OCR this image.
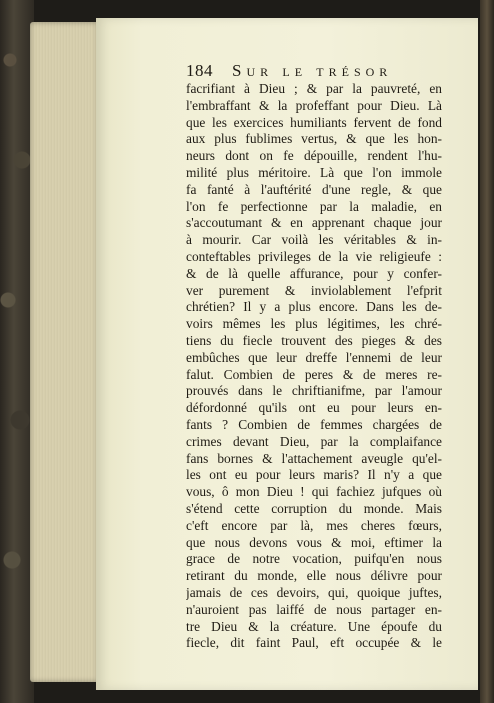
184 Sur le trésor
facrifiant à Dieu ; & par la pauvreté, en
l'embraffant & la profeffant pour Dieu. Là
que les exercices humiliants fervent de fond
aux plus fublimes vertus, & que les hon-
neurs dont on fe dépouille, rendent l'hu-
milité plus méritoire. Là que l'on immole
fa fanté à l'auftérité d'une regle, & que
l'on fe perfectionne par la maladie, en
s'accoutumant & en apprenant chaque jour
à mourir. Car voilà les véritables & in-
conteftables privileges de la vie religieufe :
& de là quelle affurance, pour y confer-
ver purement & inviolablement l'efprit
chrétien? Il y a plus encore. Dans les de-
voirs mêmes les plus légitimes, les chré-
tiens du fiecle trouvent des pieges & des
embûches que leur dreffe l'ennemi de leur
falut. Combien de peres & de meres re-
prouvés dans le chriftianifme, par l'amour
défordonné qu'ils ont eu pour leurs en-
fants ? Combien de femmes chargées de
crimes devant Dieu, par la complaifance
fans bornes & l'attachement aveugle qu'el-
les ont eu pour leurs maris? Il n'y a que
vous, ô mon Dieu ! qui fachiez jufques où
s'étend cette corruption du monde. Mais
c'eft encore par là, mes cheres fœurs,
que nous devons vous & moi, eftimer la
grace de notre vocation, puifqu'en nous
retirant du monde, elle nous délivre pour
jamais de ces devoirs, qui, quoique juftes,
n'auroient pas laiffé de nous partager en-
tre Dieu & la créature. Une époufe du
fiecle, dit faint Paul, eft occupée & le
